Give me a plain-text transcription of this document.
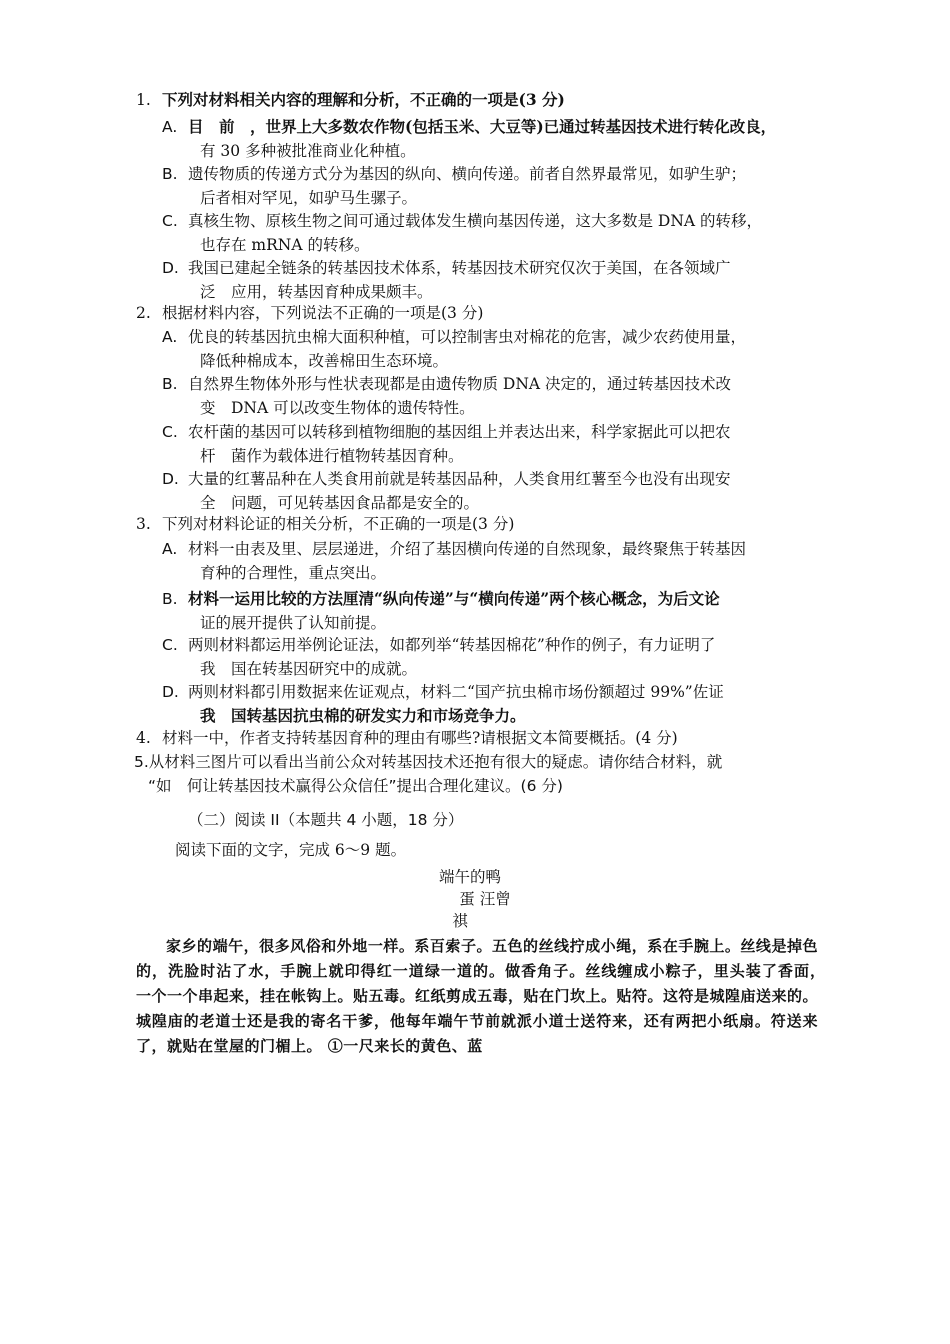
1. 下列对材料相关内容的理解和分析，不正确的一项是(3 分)
A. 目　前　，世界上大多数农作物(包括玉米、大豆等)已通过转基因技术进行转化改良，
有 30 多种被批准商业化种植。
B. 遗传物质的传递方式分为基因的纵向、横向传递。前者自然界最常见，如驴生驴；
后者相对罕见，如驴马生骡子。
C. 真核生物、原核生物之间可通过载体发生横向基因传递，这大多数是 DNA 的转移，
也存在 mRNA 的转移。
D. 我国已建起全链条的转基因技术体系，转基因技术研究仅次于美国，在各领域广
泛　应用，转基因育种成果颇丰。
2. 根据材料内容，下列说法不正确的一项是(3 分)
A. 优良的转基因抗虫棉大面积种植，可以控制害虫对棉花的危害，减少农药使用量，
降低种棉成本，改善棉田生态环境。
B. 自然界生物体外形与性状表现都是由遗传物质 DNA 决定的，通过转基因技术改
变　DNA 可以改变生物体的遗传特性。
C. 农杆菌的基因可以转移到植物细胞的基因组上并表达出来，科学家据此可以把农
杆　菌作为载体进行植物转基因育种。
D. 大量的红薯品种在人类食用前就是转基因品种，人类食用红薯至今也没有出现安
全　问题，可见转基因食品都是安全的。
3. 下列对材料论证的相关分析，不正确的一项是(3 分)
A. 材料一由表及里、层层递进，介绍了基因横向传递的自然现象，最终聚焦于转基因
育种的合理性，重点突出。
B. 材料一运用比较的方法厘清“纵向传递”与“横向传递”两个核心概念，为后文论
证的展开提供了认知前提。
C. 两则材料都运用举例论证法，如都列举“转基因棉花”种作的例子，有力证明了
我　国在转基因研究中的成就。
D. 两则材料都引用数据来佐证观点，材料二“国产抗虫棉市场份额超过 99%”佐证
我　国转基因抗虫棉的研发实力和市场竞争力。
4. 材料一中，作者支持转基因育种的理由有哪些?请根据文本简要概括。(4 分)
5.从材料三图片可以看出当前公众对转基因技术还抱有很大的疑虑。请你结合材料，就
“如　何让转基因技术赢得公众信任”提出合理化建议。(6 分)
（二）阅读 II（本题共 4 小题，18 分）
阅读下面的文字，完成 6～9 题。
端午的鸭
蛋 汪曾
祺

家乡的端午，很多风俗和外地一样。系百索子。五色的丝线拧成小绳，系在手腕上。丝线是掉色的，洗脸时沾了水，手腕上就印得红一道绿一道的。做香角子。丝线缠成小粽子，里头装了香面，　一个一个串起来，挂在帐钩上。贴五毒。红纸剪成五毒，贴在门坎上。贴符。这符是城隍庙送来的。城隍庙的老道士还是我的寄名干爹，他每年端午节前就派小道士送符来，还有两把小纸扇。符送来了，就贴在堂屋的门楣上。 ①一尺来长的黄色、蓝
